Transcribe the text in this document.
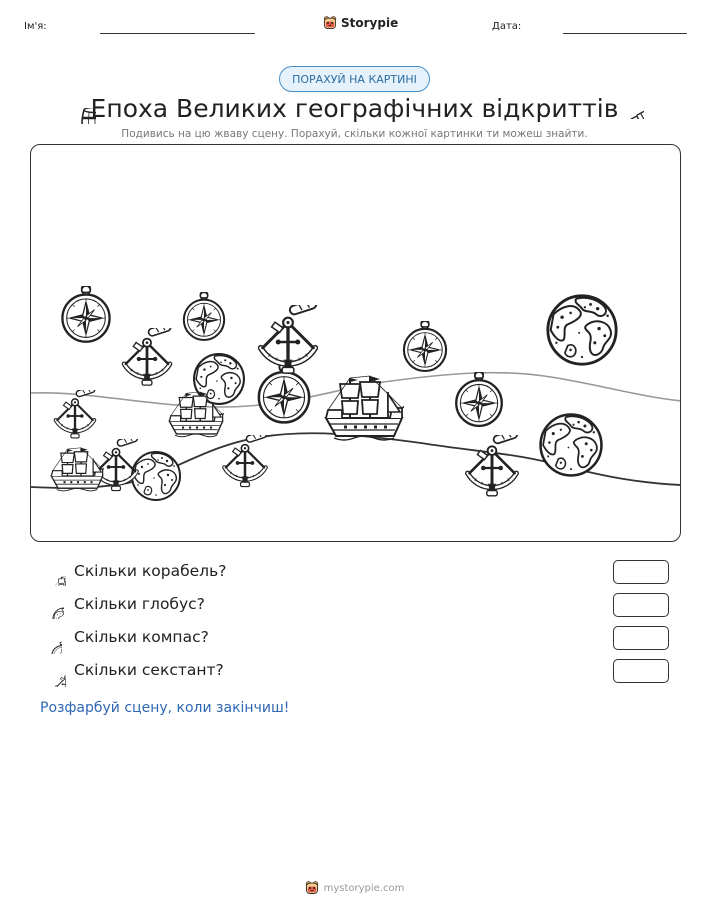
Ім'я:	Storypie	Дата:
ПОРАХУЙ НА КАРТИНІ
Епоха Великих географічних відкриттів
Подивись на цю жваву сцену. Порахуй, скільки кожної картинки ти можеш знайти.
Скільки корабель?
Скільки глобус?
Скільки компас?
Скільки секстант?
Розфарбуй сцену, коли закінчиш!
mystorypie.com
